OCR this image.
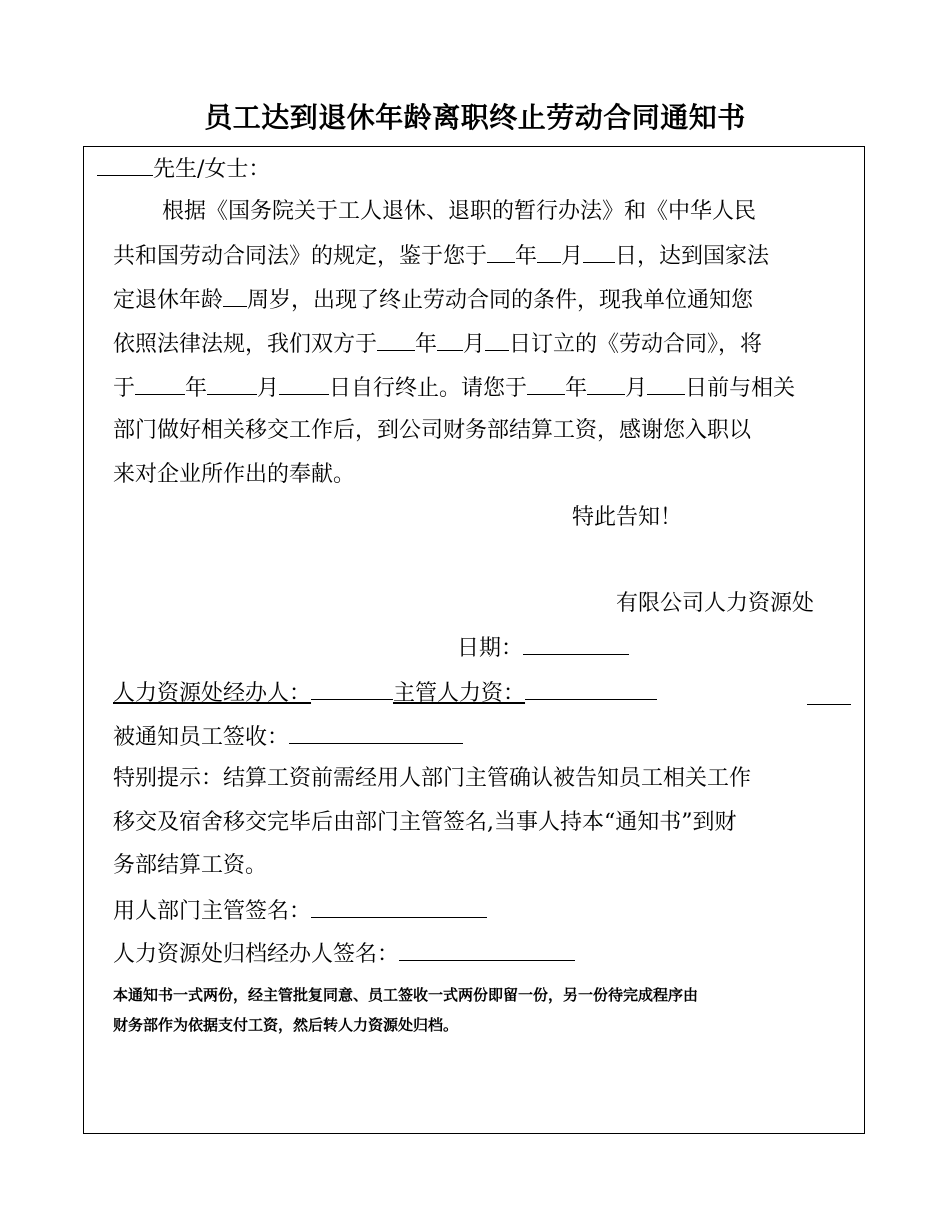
员工达到退休年龄离职终止劳动合同通知书
先生/女士：
根据《国务院关于工人退休、退职的暂行办法》和《中华人民
共和国劳动合同法》的规定，鉴于您于 年 月 日，达到国家法
定退休年龄 周岁，出现了终止劳动合同的条件，现我单位通知您
依照法律法规，我们双方于 年 月 日订立的《劳动合同》，将
于 年 月 日自行终止。请您于 年 月 日前与相关
部门做好相关移交工作后，到公司财务部结算工资，感谢您入职以
来对企业所作出的奉献。
特此告知！
有限公司人力资源处
日期：
人力资源处经办人：	主管人力资：
被通知员工签收：
特别提示：结算工资前需经用人部门主管确认被告知员工相关工作
移交及宿舍移交完毕后由部门主管签名,当事人持本“通知书”到财
务部结算工资。
用人部门主管签名：
人力资源处归档经办人签名：
本通知书一式两份，经主管批复同意、员工签收一式两份即留一份，另一份待完成程序由
财务部作为依据支付工资，然后转人力资源处归档。
